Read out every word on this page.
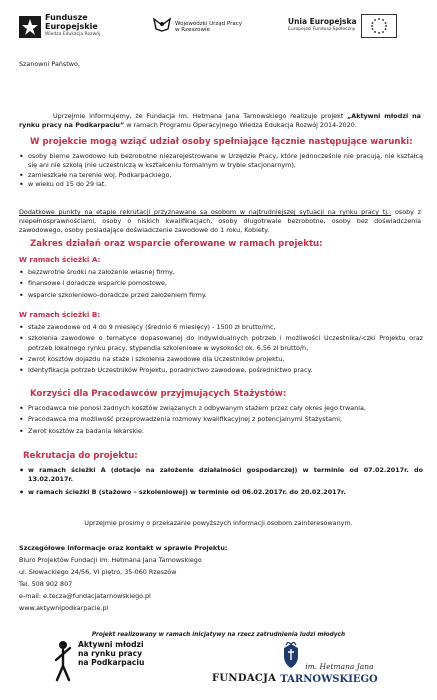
Fundusze
Europejskie
Wiedza Edukacja Rozwój
Wojewódzki Urząd Pracy
w Rzeszowie
Unia Europejska
Europejski Fundusz Społeczny
Szanowni Państwo,
Uprzejmie informujemy, że Fundacja im. Hetmana Jana Tarnowskiego realizuje projekt „Aktywni młodzi na rynku pracy na Podkarpaciu” w ramach Programu Operacyjnego Wiedza Edukacja Rozwój 2014-2020.
W projekcie mogą wziąć udział osoby spełniające łącznie następujące warunki:
• osoby bierne zawodowo lub bezrobotne niezarejestrowane w Urzędzie Pracy, które jednocześnie nie pracują, nie kształcą się ani nie szkolą (nie uczestniczą w kształceniu formalnym w trybie stacjonarnym),
• zamieszkałe na terenie woj. Podkarpackiego,
• w wieku od 15 do 29 lat.
Dodatkowe punkty na etapie rekrutacji przyznawane są osobom w najtrudniejszej sytuacji na rynku pracy tj.: osoby z niepełnosprawnościami, osoby o niskich kwalifikacjach, osoby długotrwale bezrobotne, osoby bez doświadczenia zawodowego, osoby posiadające doświadczenie zawodowe do 1 roku, Kobiety.
Zakres działań oraz wsparcie oferowane w ramach projektu:
W ramach ścieżki A:
• bezzwrotne środki na założenie własnej firmy,
• finansowe i doradcze wsparcie pomostowe,
• wsparcie szkoleniowo-doradcze przed założeniem firmy.
W ramach ścieżki B:
• staże zawodowe od 4 do 9 miesięcy (średnio 6 miesięcy) - 1500 zł brutto/mc,
• szkolenia zawodowe o tematyce dopasowanej do indywidualnych potrzeb i możliwości Uczestnika/-czki Projektu oraz potrzeb lokalnego rynku pracy, stypendia szkoleniowe w wysokości ok. 6,56 zł brutto/h,
• zwrot kosztów dojazdu na staże i szkolenia zawodowe dla Uczestników projektu,
• Identyfikacja potrzeb Uczestników Projektu, poradnictwo zawodowe, pośrednictwo pracy.
Korzyści dla Pracodawców przyjmujących Stażystów:
• Pracodawca nie ponosi żadnych kosztów związanych z odbywanym stażem przez cały okres jego trwania,
• Pracodawca ma możliwość przeprowadzenia rozmowy kwalifikacyjnej z potencjalnymi Stażystami,
• Zwrot kosztów za badania lekarskie.
Rekrutacja do projektu:
• w ramach ścieżki A (dotacje na założenie działalności gospodarczej) w terminie od 07.02.2017r. do 13.02.2017r.
• w ramach ścieżki B (stażowo – szkoleniowej) w terminie od 06.02.2017r. do 20.02.2017r.
Uprzejmie prosimy o przekazanie powyższych informacji osobom zainteresowanym.
Szczegółowe informacje oraz kontakt w sprawie Projektu:
Biuro Projektów Fundacji im. Hetmana Jana Tarnowskiego
ul. Słowackiego 24/56, VI piętro, 35-060 Rzeszów
Tel. 508 902 807
e-mail: e.tecza@fundacjatarnowskiego.pl
www.aktywnipodkarpacie.pl
Projekt realizowany w ramach inicjatywy na rzecz zatrudnienia ludzi młodych
Aktywni młodzi
na rynku pracy
na Podkarpaciu
FUNDACJA
im. Hetmana Jana
TARNOWSKIEGO
